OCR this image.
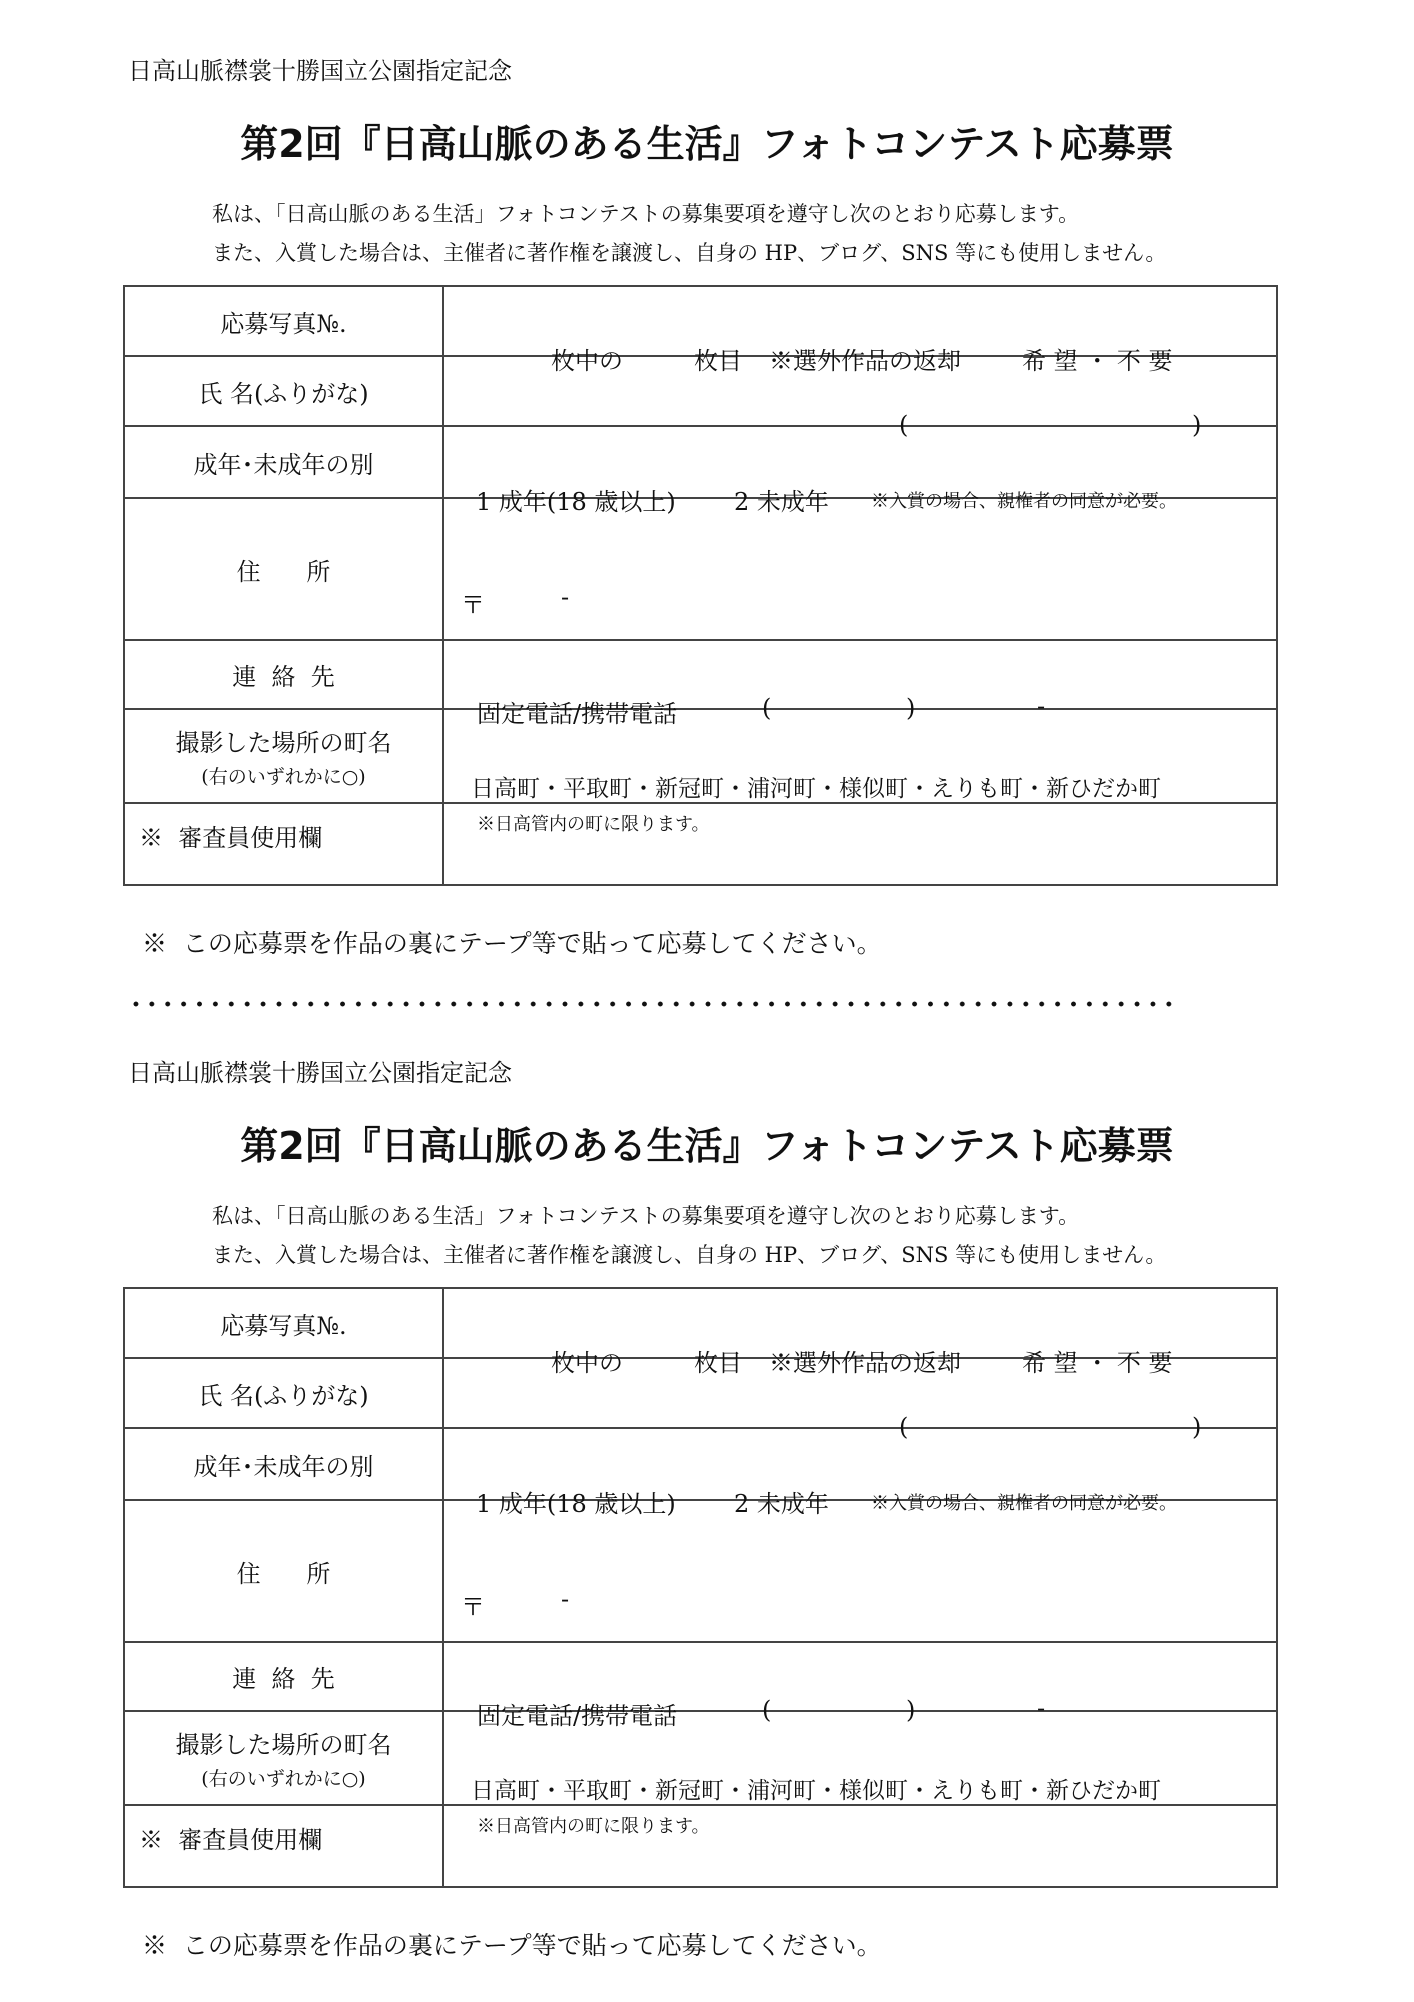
日高山脈襟裳十勝国立公園指定記念
第2回『日高山脈のある生活』フォトコンテスト応募票
私は、「日高山脈のある生活」フォトコンテストの募集要項を遵守し次のとおり応募します。
また、入賞した場合は、主催者に著作権を譲渡し、自身の HP、ブログ、SNS 等にも使用しません。
応募写真№.	枚中の 枚目 ※選外作品の返却 希 望 ・ 不 要

氏 名(ふりがな)	( )

成年･未成年の別	1 成年(18 歳以上) 2 未成年 ※入賞の場合、親権者の同意が必要。

住      所	〒 -

連  絡  先	固定電話/携帯電話 ( ) -

撮影した場所の町名
(右のいずれかに○)	日高町・平取町・新冠町・浦河町・様似町・えりも町・新ひだか町
※日高管内の町に限ります。

※  審査員使用欄	

※  この応募票を作品の裏にテープ等で貼って応募してください。
日高山脈襟裳十勝国立公園指定記念
第2回『日高山脈のある生活』フォトコンテスト応募票
私は、「日高山脈のある生活」フォトコンテストの募集要項を遵守し次のとおり応募します。
また、入賞した場合は、主催者に著作権を譲渡し、自身の HP、ブログ、SNS 等にも使用しません。
応募写真№.	枚中の 枚目 ※選外作品の返却 希 望 ・ 不 要

氏 名(ふりがな)	( )

成年･未成年の別	1 成年(18 歳以上) 2 未成年 ※入賞の場合、親権者の同意が必要。

住      所	〒 -

連  絡  先	固定電話/携帯電話 ( ) -

撮影した場所の町名
(右のいずれかに○)	日高町・平取町・新冠町・浦河町・様似町・えりも町・新ひだか町
※日高管内の町に限ります。

※  審査員使用欄	

※  この応募票を作品の裏にテープ等で貼って応募してください。
